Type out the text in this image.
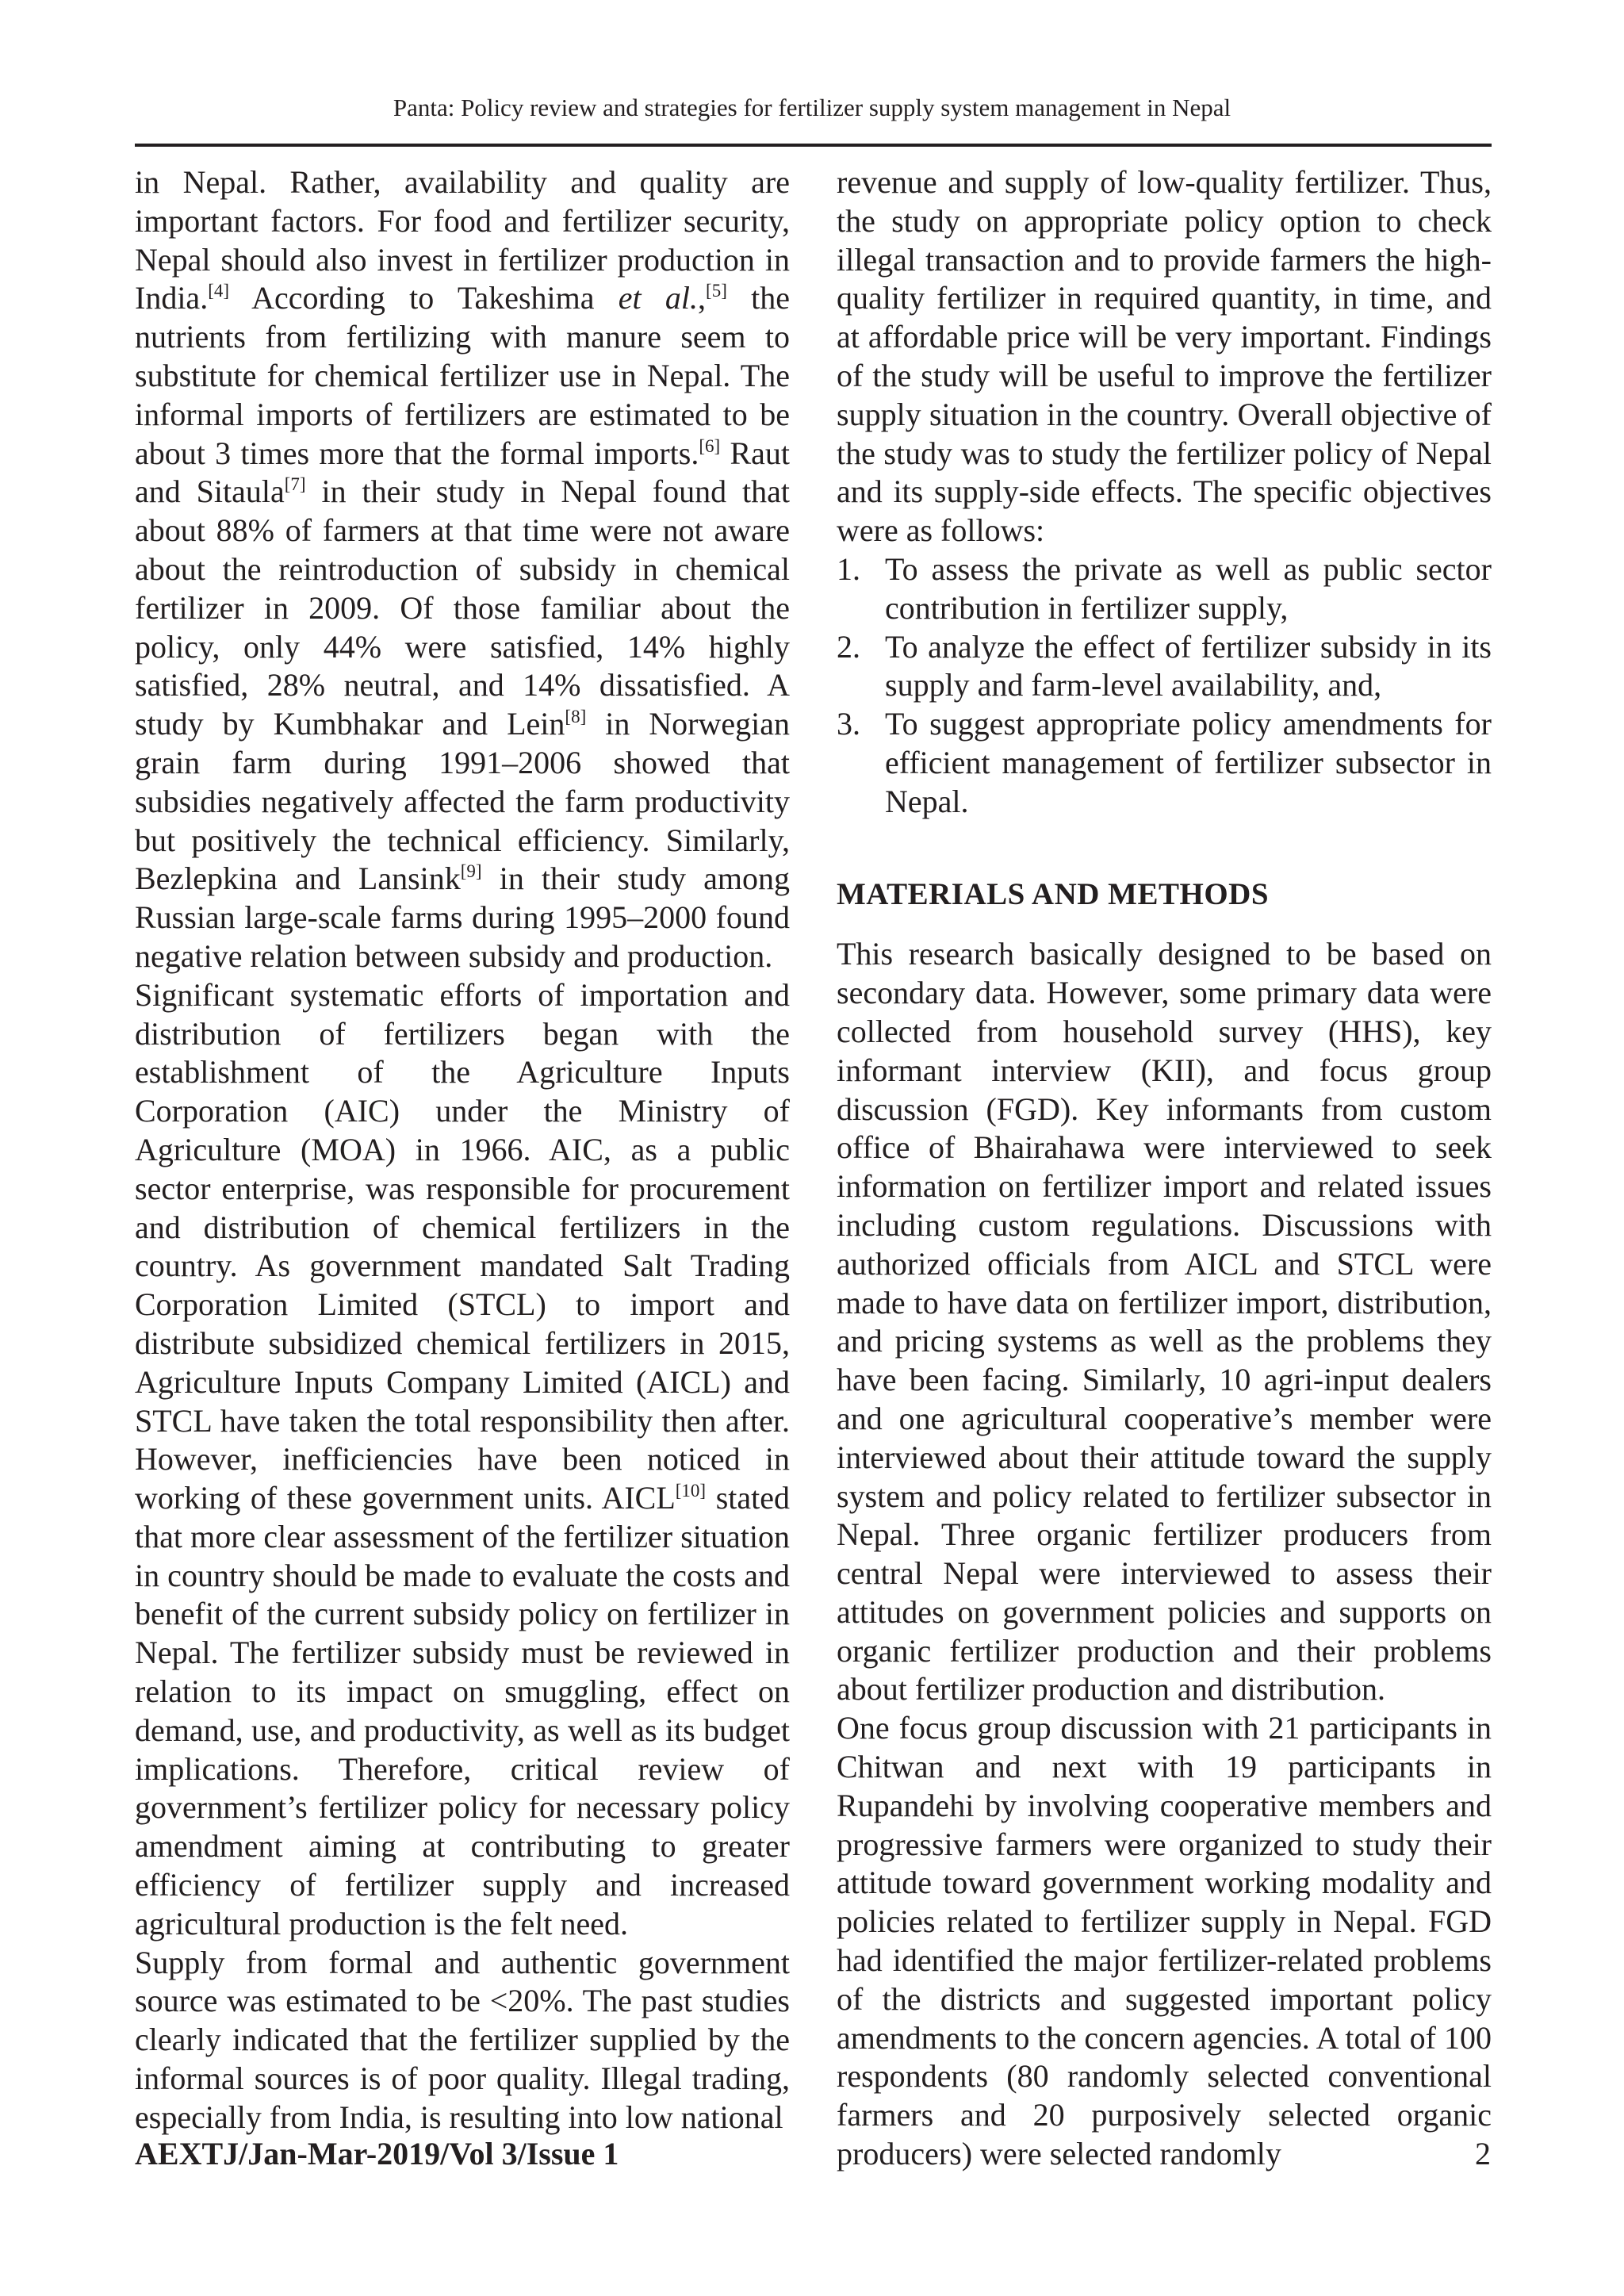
Panta: Policy review and strategies for fertilizer supply system management in Nepal

in Nepal. Rather, availability and quality are important factors. For food and fertilizer security, Nepal should also invest in fertilizer production in India.[4] According to Takeshima et al.,[5] the nutrients from fertilizing with manure seem to substitute for chemical fertilizer use in Nepal. The informal imports of fertilizers are estimated to be about 3 times more that the formal imports.[6] Raut and Sitaula[7] in their study in Nepal found that about 88% of farmers at that time were not aware about the reintroduction of subsidy in chemical fertilizer in 2009. Of those familiar about the policy, only 44% were satisfied, 14% highly satisfied, 28% neutral, and 14% dissatisfied. A study by Kumbhakar and Lein[8] in Norwegian grain farm during 1991–2006 showed that subsidies negatively affected the farm productivity but positively the technical efficiency. Similarly, Bezlepkina and Lansink[9] in their study among Russian large-scale farms during 1995–2000 found negative relation between subsidy and production.

Significant systematic efforts of importation and distribution of fertilizers began with the establishment of the Agriculture Inputs Corporation (AIC) under the Ministry of Agriculture (MOA) in 1966. AIC, as a public sector enterprise, was responsible for procurement and distribution of chemical fertilizers in the country. As government mandated Salt Trading Corporation Limited (STCL) to import and distribute subsidized chemical fertilizers in 2015, Agriculture Inputs Company Limited (AICL) and STCL have taken the total responsibility then after. However, inefficiencies have been noticed in working of these government units. AICL[10] stated that more clear assessment of the fertilizer situation in country should be made to evaluate the costs and benefit of the current subsidy policy on fertilizer in Nepal. The fertilizer subsidy must be reviewed in relation to its impact on smuggling, effect on demand, use, and productivity, as well as its budget implications. Therefore, critical review of government’s fertilizer policy for necessary policy amendment aiming at contributing to greater efficiency of fertilizer supply and increased agricultural production is the felt need.

Supply from formal and authentic government source was estimated to be <20%. The past studies clearly indicated that the fertilizer supplied by the informal sources is of poor quality. Illegal trading, especially from India, is resulting into low national

revenue and supply of low-quality fertilizer. Thus, the study on appropriate policy option to check illegal transaction and to provide farmers the high-quality fertilizer in required quantity, in time, and at affordable price will be very important. Findings of the study will be useful to improve the fertilizer supply situation in the country. Overall objective of the study was to study the fertilizer policy of Nepal and its supply-side effects. The specific objectives were as follows:

1. To assess the private as well as public sector contribution in fertilizer supply,
2. To analyze the effect of fertilizer subsidy in its supply and farm-level availability, and,
3. To suggest appropriate policy amendments for efficient management of fertilizer subsector in Nepal.
MATERIALS AND METHODS

This research basically designed to be based on secondary data. However, some primary data were collected from household survey (HHS), key informant interview (KII), and focus group discussion (FGD). Key informants from custom office of Bhairahawa were interviewed to seek information on fertilizer import and related issues including custom regulations. Discussions with authorized officials from AICL and STCL were made to have data on fertilizer import, distribution, and pricing systems as well as the problems they have been facing. Similarly, 10 agri-input dealers and one agricultural cooperative’s member were interviewed about their attitude toward the supply system and policy related to fertilizer subsector in Nepal. Three organic fertilizer producers from central Nepal were interviewed to assess their attitudes on government policies and supports on organic fertilizer production and their problems about fertilizer production and distribution.

One focus group discussion with 21 participants in Chitwan and next with 19 participants in Rupandehi by involving cooperative members and progressive farmers were organized to study their attitude toward government working modality and policies related to fertilizer supply in Nepal. FGD had identified the major fertilizer-related problems of the districts and suggested important policy amendments to the concern agencies. A total of 100 respondents (80 randomly selected conventional farmers and 20 purposively selected organic producers) were selected randomly

AEXTJ/Jan-Mar-2019/Vol 3/Issue 1	2
